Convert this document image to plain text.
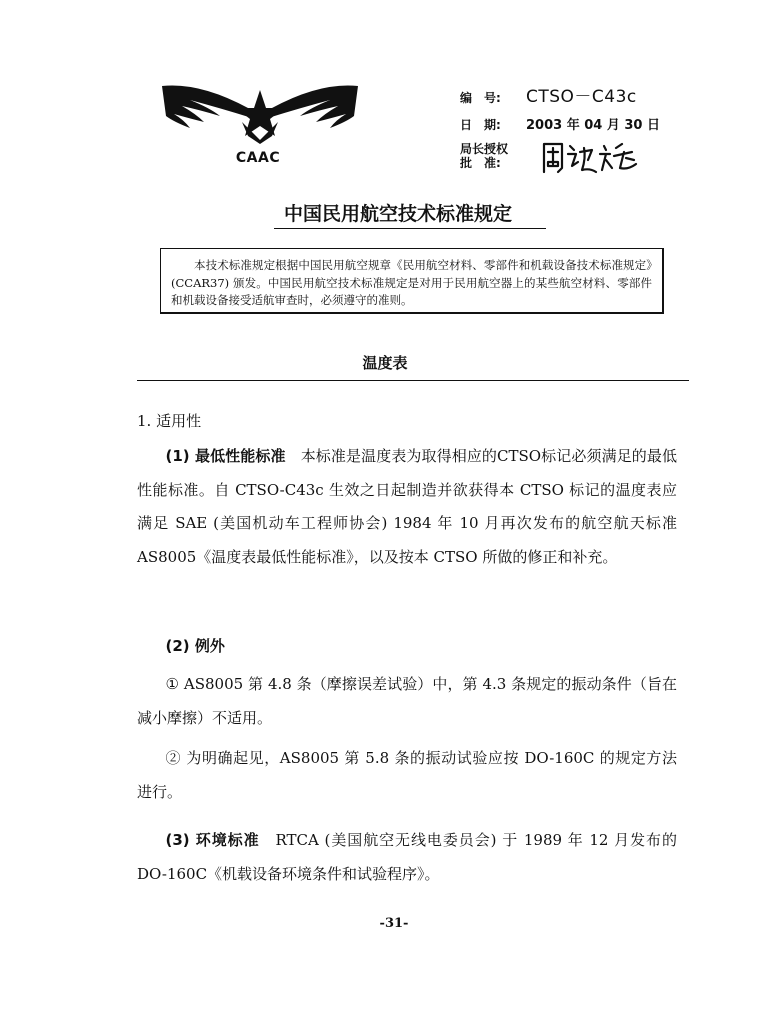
CAAC
编　号: CTSO－C43c
日　期: 2003 年 04 月 30 日
局长授权
批　准:
中国民用航空技术标准规定

本技术标准规定根据中国民用航空规章《民用航空材料、零部件和机载设备技术标准规定》(CCAR37) 颁发。中国民用航空技术标准规定是对用于民用航空器上的某些航空材料、零部件和机载设备接受适航审查时，必须遵守的准则。

温度表
1. 适用性

(1) 最低性能标准　 本标准是温度表为取得相应的CTSO标记必须满足的最低性能标准。自 CTSO-C43c 生效之日起制造并欲获得本 CTSO 标记的温度表应满足 SAE (美国机动车工程师协会) 1984 年 10 月再次发布的航空航天标准 AS8005《温度表最低性能标准》，以及按本 CTSO 所做的修正和补充。

(2) 例外

① AS8005 第 4.8 条（摩擦误差试验）中，第 4.3 条规定的振动条件（旨在减小摩擦）不适用。

② 为明确起见，AS8005 第 5.8 条的振动试验应按 DO-160C 的规定方法进行。

(3) 环境标准　 RTCA (美国航空无线电委员会) 于 1989 年 12 月发布的 DO-160C《机载设备环境条件和试验程序》。

-31-
